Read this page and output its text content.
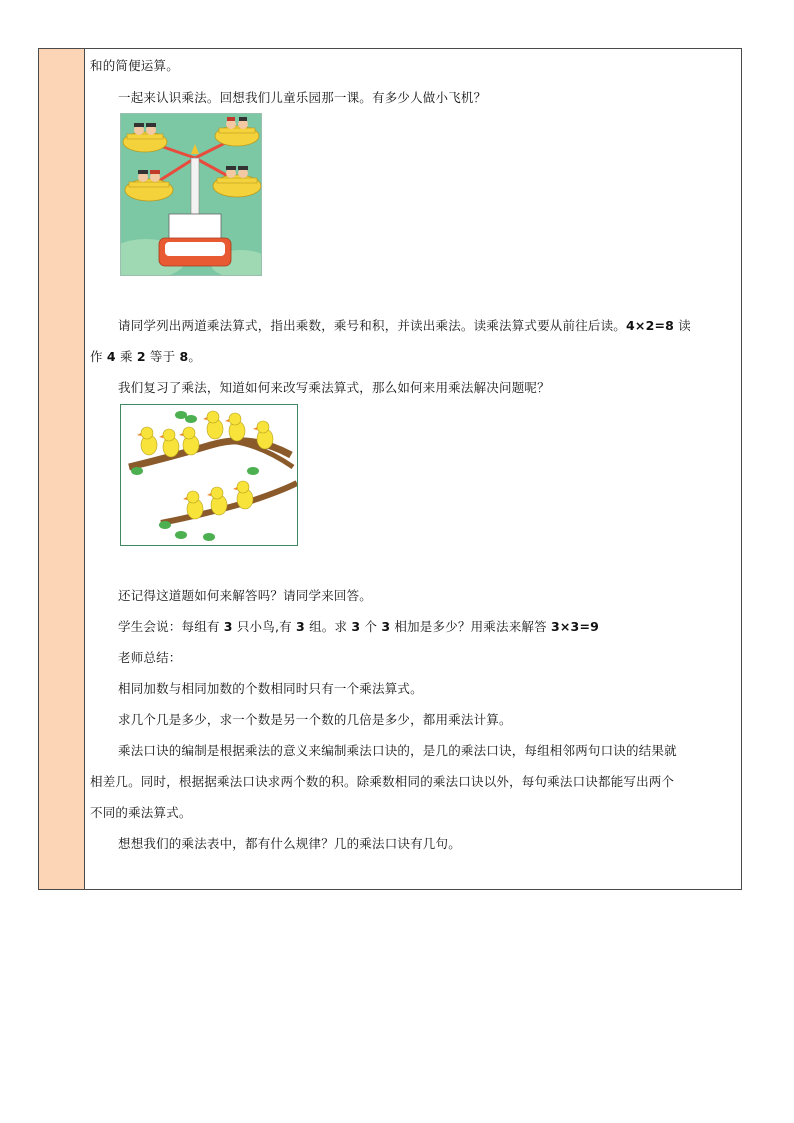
和的简便运算。
一起来认识乘法。回想我们儿童乐园那一课。有多少人做小飞机？
请同学列出两道乘法算式，指出乘数，乘号和积，并读出乘法。读乘法算式要从前往后读。4×2=8 读
作 4 乘 2 等于 8。
我们复习了乘法，知道如何来改写乘法算式，那么如何来用乘法解决问题呢？
还记得这道题如何来解答吗？请同学来回答。
学生会说：每组有 3 只小鸟,有 3 组。求 3 个 3 相加是多少？用乘法来解答 3×3=9
老师总结：
相同加数与相同加数的个数相同时只有一个乘法算式。
求几个几是多少，求一个数是另一个数的几倍是多少，都用乘法计算。
乘法口诀的编制是根据乘法的意义来编制乘法口诀的，是几的乘法口诀，每组相邻两句口诀的结果就
相差几。同时，根据据乘法口诀求两个数的积。除乘数相同的乘法口诀以外，每句乘法口诀都能写出两个
不同的乘法算式。
想想我们的乘法表中，都有什么规律？几的乘法口诀有几句。
